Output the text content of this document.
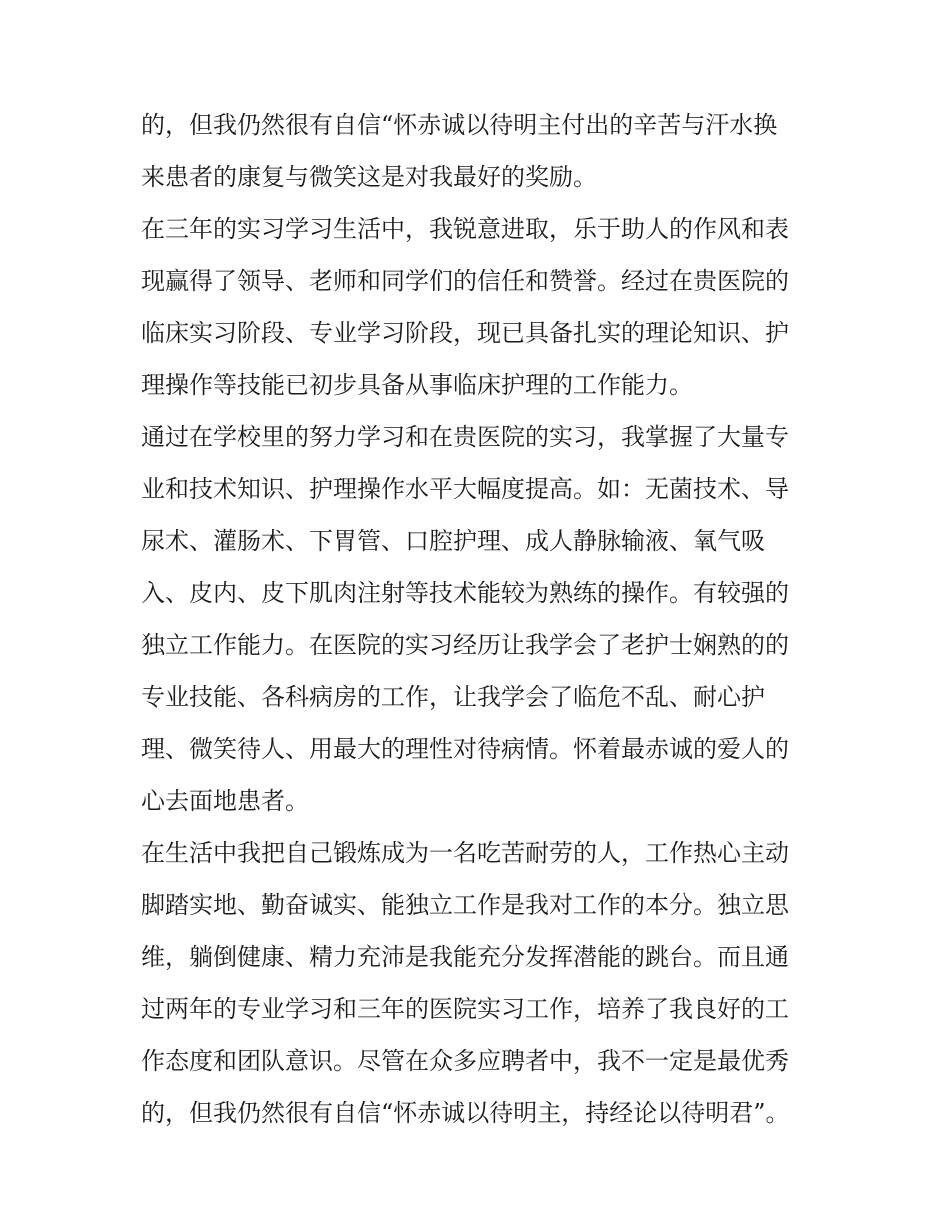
的，但我仍然很有自信“怀赤诚以待明主付出的辛苦与汗水换
来患者的康复与微笑这是对我最好的奖励。
在三年的实习学习生活中，我锐意进取，乐于助人的作风和表
现赢得了领导、老师和同学们的信任和赞誉。经过在贵医院的
临床实习阶段、专业学习阶段，现已具备扎实的理论知识、护
理操作等技能已初步具备从事临床护理的工作能力。
通过在学校里的努力学习和在贵医院的实习，我掌握了大量专
业和技术知识、护理操作水平大幅度提高。如：无菌技术、导
尿术、灌肠术、下胃管、口腔护理、成人静脉输液、氧气吸
入、皮内、皮下肌肉注射等技术能较为熟练的操作。有较强的
独立工作能力。在医院的实习经历让我学会了老护士娴熟的的
专业技能、各科病房的工作，让我学会了临危不乱、耐心护
理、微笑待人、用最大的理性对待病情。怀着最赤诚的爱人的
心去面地患者。
在生活中我把自己锻炼成为一名吃苦耐劳的人，工作热心主动
脚踏实地、勤奋诚实、能独立工作是我对工作的本分。独立思
维，躺倒健康、精力充沛是我能充分发挥潜能的跳台。而且通
过两年的专业学习和三年的医院实习工作，培养了我良好的工
作态度和团队意识。尽管在众多应聘者中，我不一定是最优秀
的，但我仍然很有自信“怀赤诚以待明主，持经论以待明君”。
